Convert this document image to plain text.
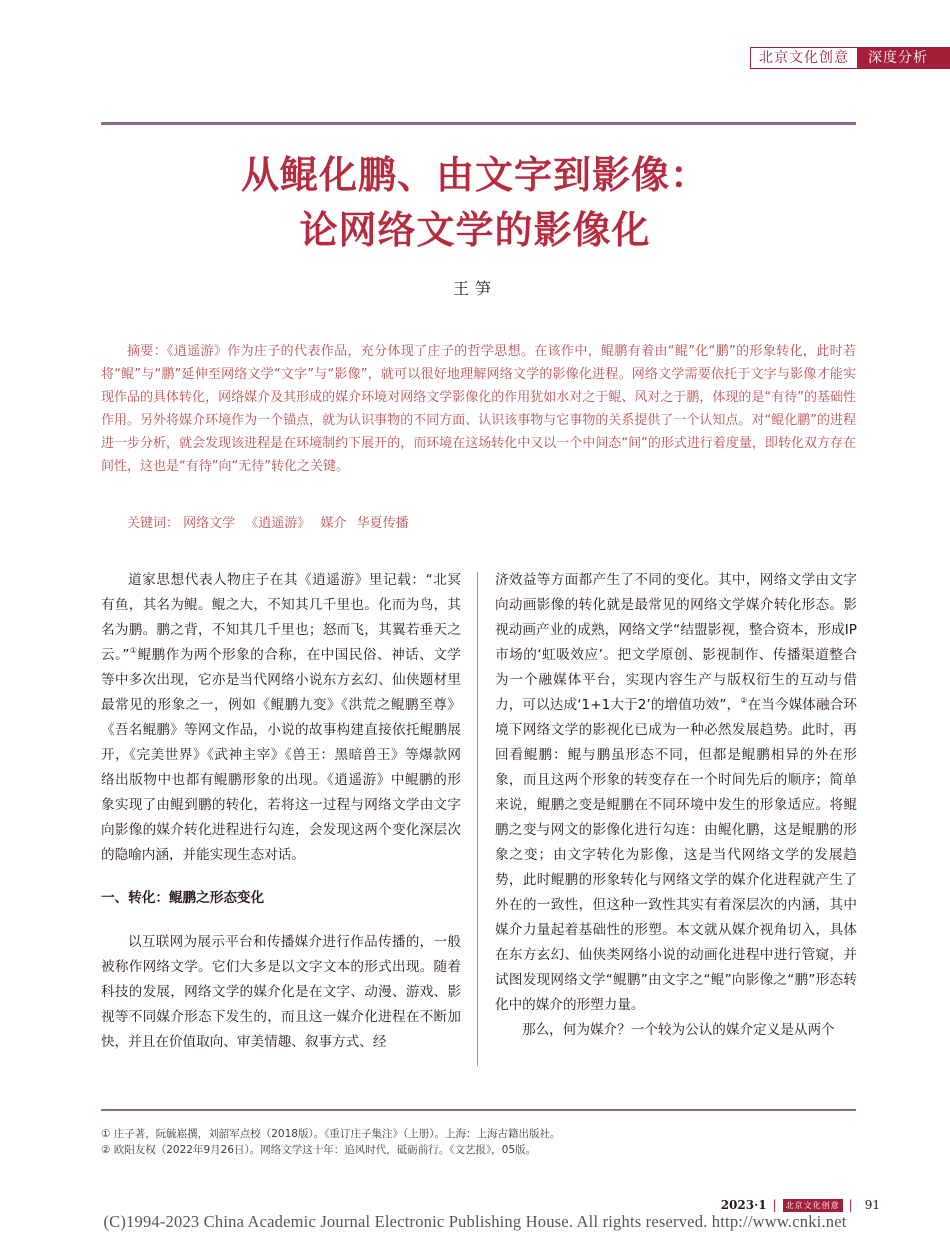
北京文化创意	深度分析
从鲲化鹏、由文字到影像：
论网络文学的影像化
王笋
摘要：《逍遥游》作为庄子的代表作品，充分体现了庄子的哲学思想。在该作中，鲲鹏有着由“鲲”化“鹏”的形象转化，此时若将“鲲”与“鹏”延伸至网络文学“文字”与“影像”，就可以很好地理解网络文学的影像化进程。网络文学需要依托于文字与影像才能实现作品的具体转化，网络媒介及其形成的媒介环境对网络文学影像化的作用犹如水对之于鲲、风对之于鹏，体现的是“有待”的基础性作用。另外将媒介环境作为一个锚点，就为认识事物的不同方面、认识该事物与它事物的关系提供了一个认知点。对“鲲化鹏”的进程进一步分析，就会发现该进程是在环境制约下展开的，而环境在这场转化中又以一个中间态“间”的形式进行着度量，即转化双方存在间性，这也是“有待”向“无待”转化之关键。
关键词： 网络文学 《逍遥游》 媒介 华夏传播

道家思想代表人物庄子在其《逍遥游》里记载：“北冥有鱼，其名为鲲。鲲之大，不知其几千里也。化而为鸟，其名为鹏。鹏之背，不知其几千里也；怒而飞，其翼若垂天之云。”①鲲鹏作为两个形象的合称，在中国民俗、神话、文学等中多次出现，它亦是当代网络小说东方玄幻、仙侠题材里最常见的形象之一，例如《鲲鹏九变》《洪荒之鲲鹏至尊》《吾名鲲鹏》等网文作品，小说的故事构建直接依托鲲鹏展开，《完美世界》《武神主宰》《兽王：黑暗兽王》等爆款网络出版物中也都有鲲鹏形象的出现。《逍遥游》中鲲鹏的形象实现了由鲲到鹏的转化，若将这一过程与网络文学由文字向影像的媒介转化进程进行勾连，会发现这两个变化深层次的隐喻内涵，并能实现生态对话。

一、转化：鲲鹏之形态变化

以互联网为展示平台和传播媒介进行作品传播的，一般被称作网络文学。它们大多是以文字文本的形式出现。随着科技的发展，网络文学的媒介化是在文字、动漫、游戏、影视等不同媒介形态下发生的，而且这一媒介化进程在不断加快，并且在价值取向、审美情趣、叙事方式、经

济效益等方面都产生了不同的变化。其中，网络文学由文字向动画影像的转化就是最常见的网络文学媒介转化形态。影视动画产业的成熟，网络文学“结盟影视，整合资本，形成IP市场的‘虹吸效应’。把文学原创、影视制作、传播渠道整合为一个融媒体平台，实现内容生产与版权衍生的互动与借力，可以达成‘1+1大于2’的增值功效”，②在当今媒体融合环境下网络文学的影视化已成为一种必然发展趋势。此时，再回看鲲鹏：鲲与鹏虽形态不同，但都是鲲鹏相异的外在形象，而且这两个形象的转变存在一个时间先后的顺序；简单来说，鲲鹏之变是鲲鹏在不同环境中发生的形象适应。将鲲鹏之变与网文的影像化进行勾连：由鲲化鹏，这是鲲鹏的形象之变；由文字转化为影像，这是当代网络文学的发展趋势，此时鲲鹏的形象转化与网络文学的媒介化进程就产生了外在的一致性，但这种一致性其实有着深层次的内涵，其中媒介力量起着基础性的形塑。本文就从媒介视角切入，具体在东方玄幻、仙侠类网络小说的动画化进程中进行管窥，并试图发现网络文学“鲲鹏”由文字之“鲲”向影像之“鹏”形态转化中的媒介的形塑力量。

那么，何为媒介？一个较为公认的媒介定义是从两个

① 庄子著，阮毓崧撰，刘韶军点校（2018版）。《重订庄子集注》（上册）。上海：上海古籍出版社。
② 欧阳友权（2022年9月26日）。网络文学这十年：追风时代，砥砺前行。《文艺报》，05版。
2023·1 |	北京文化创意 | 91
(C)1994-2023 China Academic Journal Electronic Publishing House. All rights reserved. http://www.cnki.net
